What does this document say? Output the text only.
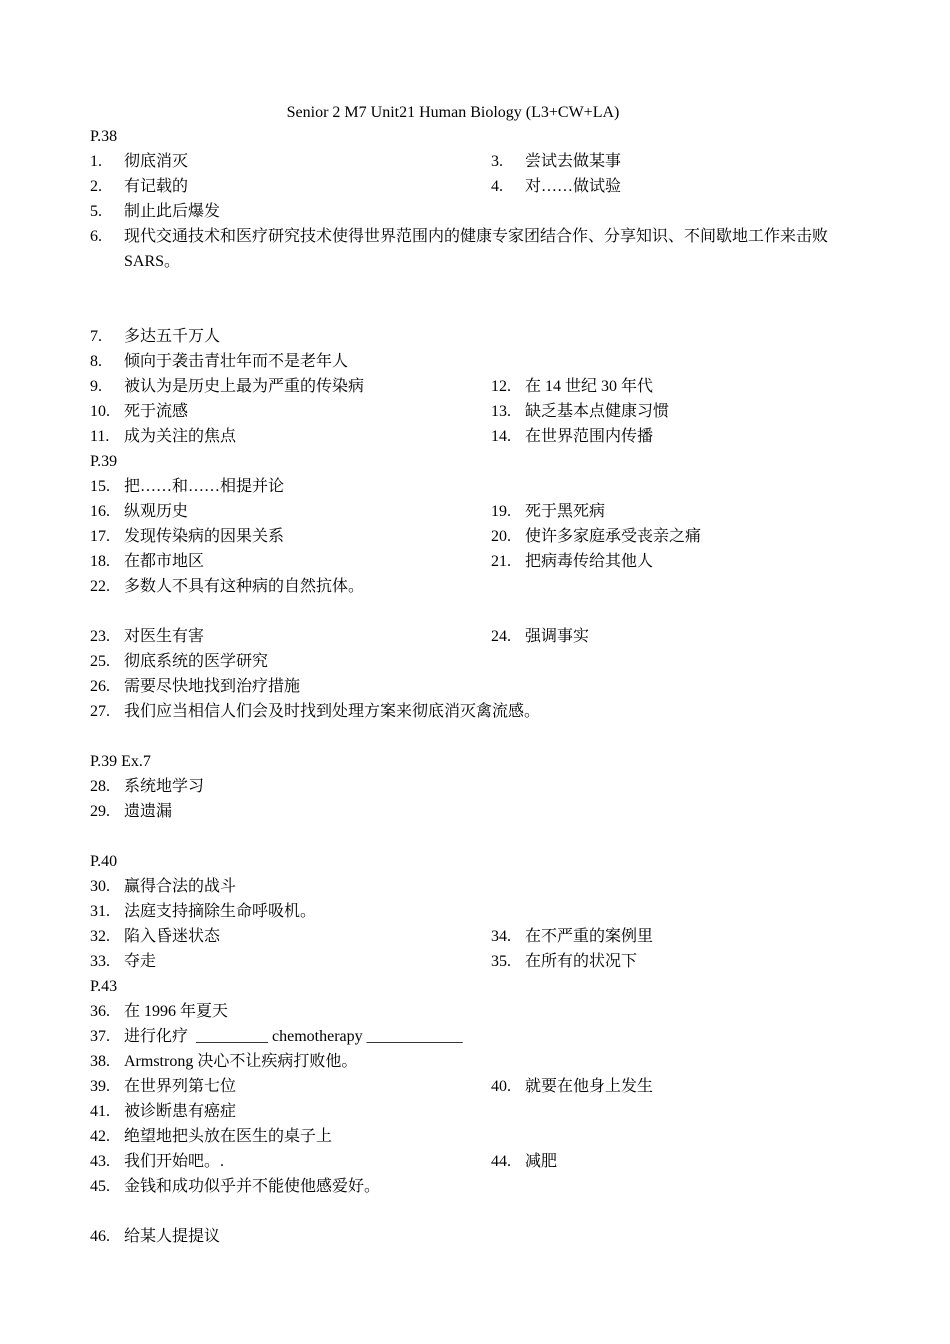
Senior 2 M7 Unit21 Human Biology (L3+CW+LA)
P.38
1. 彻底消灭	3. 尝试去做某事
2. 有记载的	4. 对……做试验
5. 制止此后爆发
6. 现代交通技术和医疗研究技术使得世界范围内的健康专家团结合作、分享知识、不间歇地工作来击败 SARS。
7. 多达五千万人
8. 倾向于袭击青壮年而不是老年人
9. 被认为是历史上最为严重的传染病	12. 在 14 世纪 30 年代
10. 死于流感	13. 缺乏基本点健康习惯
11. 成为关注的焦点	14. 在世界范围内传播
P.39
15. 把……和……相提并论
16. 纵观历史	19. 死于黑死病
17. 发现传染病的因果关系	20. 使许多家庭承受丧亲之痛
18. 在都市地区	21. 把病毒传给其他人
22. 多数人不具有这种病的自然抗体。
23. 对医生有害	24. 强调事实
25. 彻底系统的医学研究
26. 需要尽快地找到治疗措施
27. 我们应当相信人们会及时找到处理方案来彻底消灭禽流感。
P.39 Ex.7
28. 系统地学习
29. 遗遗漏
P.40
30. 赢得合法的战斗
31. 法庭支持摘除生命呼吸机。
32. 陷入昏迷状态	34. 在不严重的案例里
33. 夺走	35. 在所有的状况下
P.43
36. 在 1996 年夏天
37. 进行化疗  _________ chemotherapy ____________
38. Armstrong 决心不让疾病打败他。
39. 在世界列第七位	40. 就要在他身上发生
41. 被诊断患有癌症
42. 绝望地把头放在医生的桌子上
43. 我们开始吧。.	44. 减肥
45. 金钱和成功似乎并不能使他感爱好。
46. 给某人提提议
